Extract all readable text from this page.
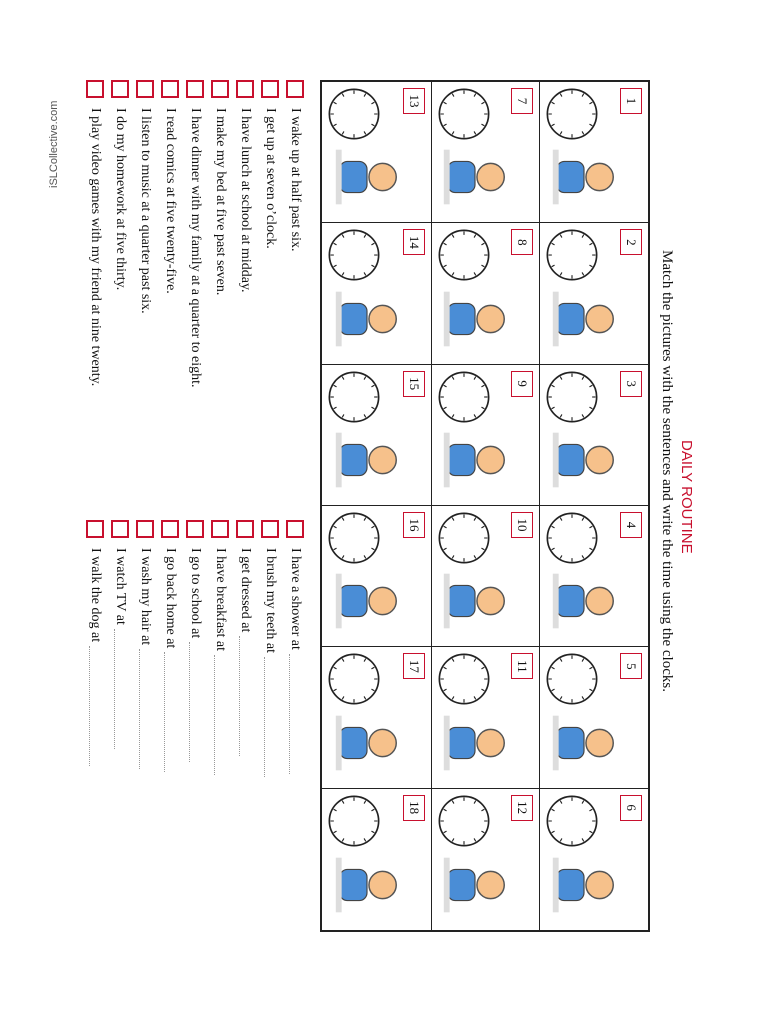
DAILY ROUTINE
Match the pictures with the sentences and write the time using the clocks.
1
2
3
4
5
6
7
8
9
10
11
12
13
14
15
16
17
18
I wake up at half past six.
I get up at seven o’clock.
I have lunch at school at midday.
I make my bed at five past seven.
I have dinner with my family at a quarter to eight.
I read comics at five twenty-five.
I listen to music at a quarter past six.
I do my homework at five thirty.
I play video games with my friend at nine twenty.
I have a shower at
I brush my teeth at
I get dressed at
I have breakfast at
I go to school at
I go back home at
I wash my hair at
I watch TV at
I walk the dog at
iSLCollective.com
